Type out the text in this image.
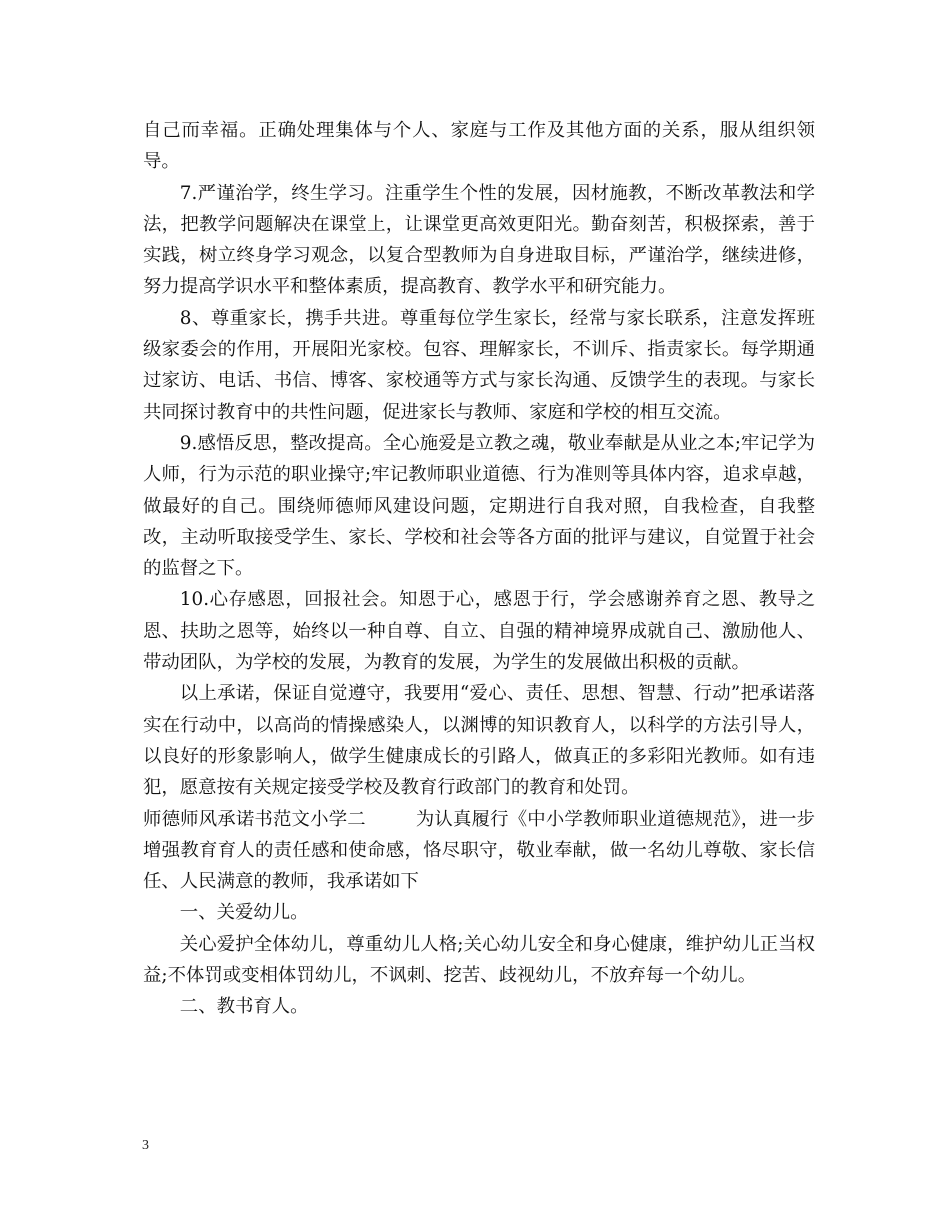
自己而幸福。正确处理集体与个人、家庭与工作及其他方面的关系，服从组织领导。

7.严谨治学，终生学习。注重学生个性的发展，因材施教，不断改革教法和学法，把教学问题解决在课堂上，让课堂更高效更阳光。勤奋刻苦，积极探索，善于实践，树立终身学习观念，以复合型教师为自身进取目标，严谨治学，继续进修，努力提高学识水平和整体素质，提高教育、教学水平和研究能力。

8、尊重家长，携手共进。尊重每位学生家长，经常与家长联系，注意发挥班级家委会的作用，开展阳光家校。包容、理解家长，不训斥、指责家长。每学期通过家访、电话、书信、博客、家校通等方式与家长沟通、反馈学生的表现。与家长共同探讨教育中的共性问题，促进家长与教师、家庭和学校的相互交流。

9.感悟反思，整改提高。全心施爱是立教之魂，敬业奉献是从业之本;牢记学为人师，行为示范的职业操守;牢记教师职业道德、行为准则等具体内容，追求卓越，做最好的自己。围绕师德师风建设问题，定期进行自我对照，自我检查，自我整改，主动听取接受学生、家长、学校和社会等各方面的批评与建议，自觉置于社会的监督之下。

10.心存感恩，回报社会。知恩于心，感恩于行，学会感谢养育之恩、教导之恩、扶助之恩等，始终以一种自尊、自立、自强的精神境界成就自己、激励他人、带动团队，为学校的发展，为教育的发展，为学生的发展做出积极的贡献。

以上承诺，保证自觉遵守，我要用“爱心、责任、思想、智慧、行动”把承诺落实在行动中，以高尚的情操感染人，以渊博的知识教育人，以科学的方法引导人，以良好的形象影响人，做学生健康成长的引路人，做真正的多彩阳光教师。如有违犯，愿意按有关规定接受学校及教育行政部门的教育和处罚。

师德师风承诺书范文小学二	为认真履行《中小学教师职业道德规范》，进一步增强教育育人的责任感和使命感，恪尽职守，敬业奉献，做一名幼儿尊敬、家长信任、人民满意的教师，我承诺如下

一、关爱幼儿。

关心爱护全体幼儿，尊重幼儿人格;关心幼儿安全和身心健康，维护幼儿正当权益;不体罚或变相体罚幼儿，不讽刺、挖苦、歧视幼儿，不放弃每一个幼儿。

二、教书育人。

3
